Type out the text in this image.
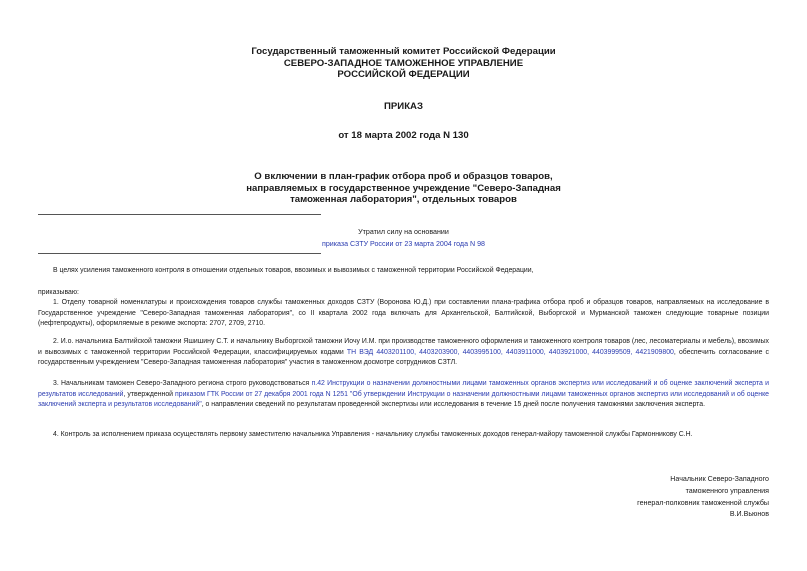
Государственный таможенный комитет Российской Федерации
СЕВЕРО-ЗАПАДНОЕ ТАМОЖЕННОЕ УПРАВЛЕНИЕ
РОССИЙСКОЙ ФЕДЕРАЦИИ
ПРИКАЗ
от 18 марта 2002 года N 130
О включении в план-график отбора проб и образцов товаров,
направляемых в государственное учреждение "Северо-Западная
таможенная лаборатория", отдельных товаров
Утратил силу на основании
приказа СЗТУ России от 23 марта 2004 года N 98
В целях усиления таможенного контроля в отношении отдельных товаров, ввозимых и вывозимых с таможенной территории Российской Федерации,
приказываю:
1. Отделу товарной номенклатуры и происхождения товаров службы таможенных доходов СЗТУ (Воронова Ю.Д.) при составлении плана-графика отбора проб и образцов товаров, направляемых на исследование в Государственное учреждение "Северо-Западная таможенная лаборатория", со II квартала 2002 года включать для Архангельской, Балтийской, Выборгской и Мурманской таможен следующие товарные позиции (нефтепродукты), оформляемые в режиме экспорта: 2707, 2709, 2710.
2. И.о. начальника Балтийской таможни Яшишину С.Т. и начальнику Выборгской таможни Иочу И.М. при производстве таможенного оформления и таможенного контроля товаров (лес, лесоматериалы и мебель), ввозимых и вывозимых с таможенной территории Российской Федерации, классифицируемых кодами ТН ВЭД 4403201100, 4403203900, 4403995100, 4403911000, 4403921000, 4403999509, 4421909800, обеспечить согласование с государственным учреждением "Северо-Западная таможенная лаборатория" участия в таможенном досмотре сотрудников СЗТЛ.
3. Начальникам таможен Северо-Западного региона строго руководствоваться п.42 Инструкции о назначении должностными лицами таможенных органов экспертиз или исследований и об оценке заключений эксперта и результатов исследований, утвержденной приказом ГТК России от 27 декабря 2001 года N 1251 "Об утверждении Инструкции о назначении должностными лицами таможенных органов экспертиз или исследований и об оценке заключений эксперта и результатов исследований", о направлении сведений по результатам проведенной экспертизы или исследования в течение 15 дней после получения таможнями заключения эксперта.
4. Контроль за исполнением приказа осуществлять первому заместителю начальника Управления - начальнику службы таможенных доходов генерал-майору таможенной службы Гармонникову С.Н.
Начальник Северо-Западного
таможенного управления
генерал-полковник таможенной службы
В.И.Вьюнов
